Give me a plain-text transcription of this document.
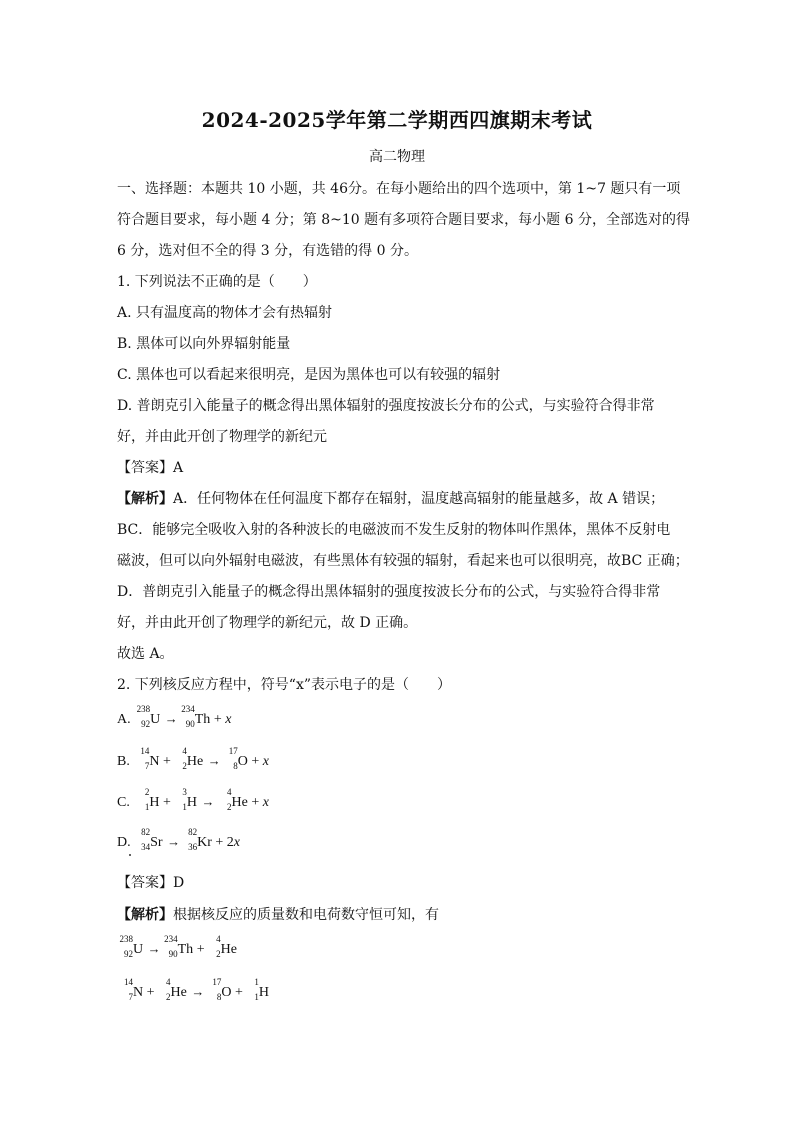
2024-2025学年第二学期西四旗期末考试
高二物理
一、选择题：本题共 10 小题，共 46分。在每小题给出的四个选项中，第 1~7 题只有一项
符合题目要求，每小题 4 分；第 8~10 题有多项符合题目要求，每小题 6 分，全部选对的得
6 分，选对但不全的得 3 分，有选错的得 0 分。
1. 下列说法不正确的是（　　）
A. 只有温度高的物体才会有热辐射
B. 黑体可以向外界辐射能量
C. 黑体也可以看起来很明亮，是因为黑体也可以有较强的辐射
D. 普朗克引入能量子的概念得出黑体辐射的强度按波长分布的公式，与实验符合得非常
好，并由此开创了物理学的新纪元
【答案】A
【解析】A．任何物体在任何温度下都存在辐射，温度越高辐射的能量越多，故 A 错误；
BC．能够完全吸收入射的各种波长的电磁波而不发生反射的物体叫作黑体，黑体不反射电
磁波，但可以向外辐射电磁波，有些黑体有较强的辐射，看起来也可以很明亮，故BC 正确；
D．普朗克引入能量子的概念得出黑体辐射的强度按波长分布的公式，与实验符合得非常
好，并由此开创了物理学的新纪元，故 D 正确。
故选 A。
2. 下列核反应方程中，符号“x”表示电子的是（　　）
A.
238
92 U →
234
90 Th + x
B.
14
7 N +
4
2 He →
17
8 O + x
C.
2
1 H +
3
1 H →
4
2 He + x
D.
82
34 Sr →
82
36 Kr + 2x
【答案】D
【解析】根据核反应的质量数和电荷数守恒可知，有
238
92 U →
234
90 Th +
4
2 He
14
7 N +
4
2 He →
17
8 O +
1
1 H
